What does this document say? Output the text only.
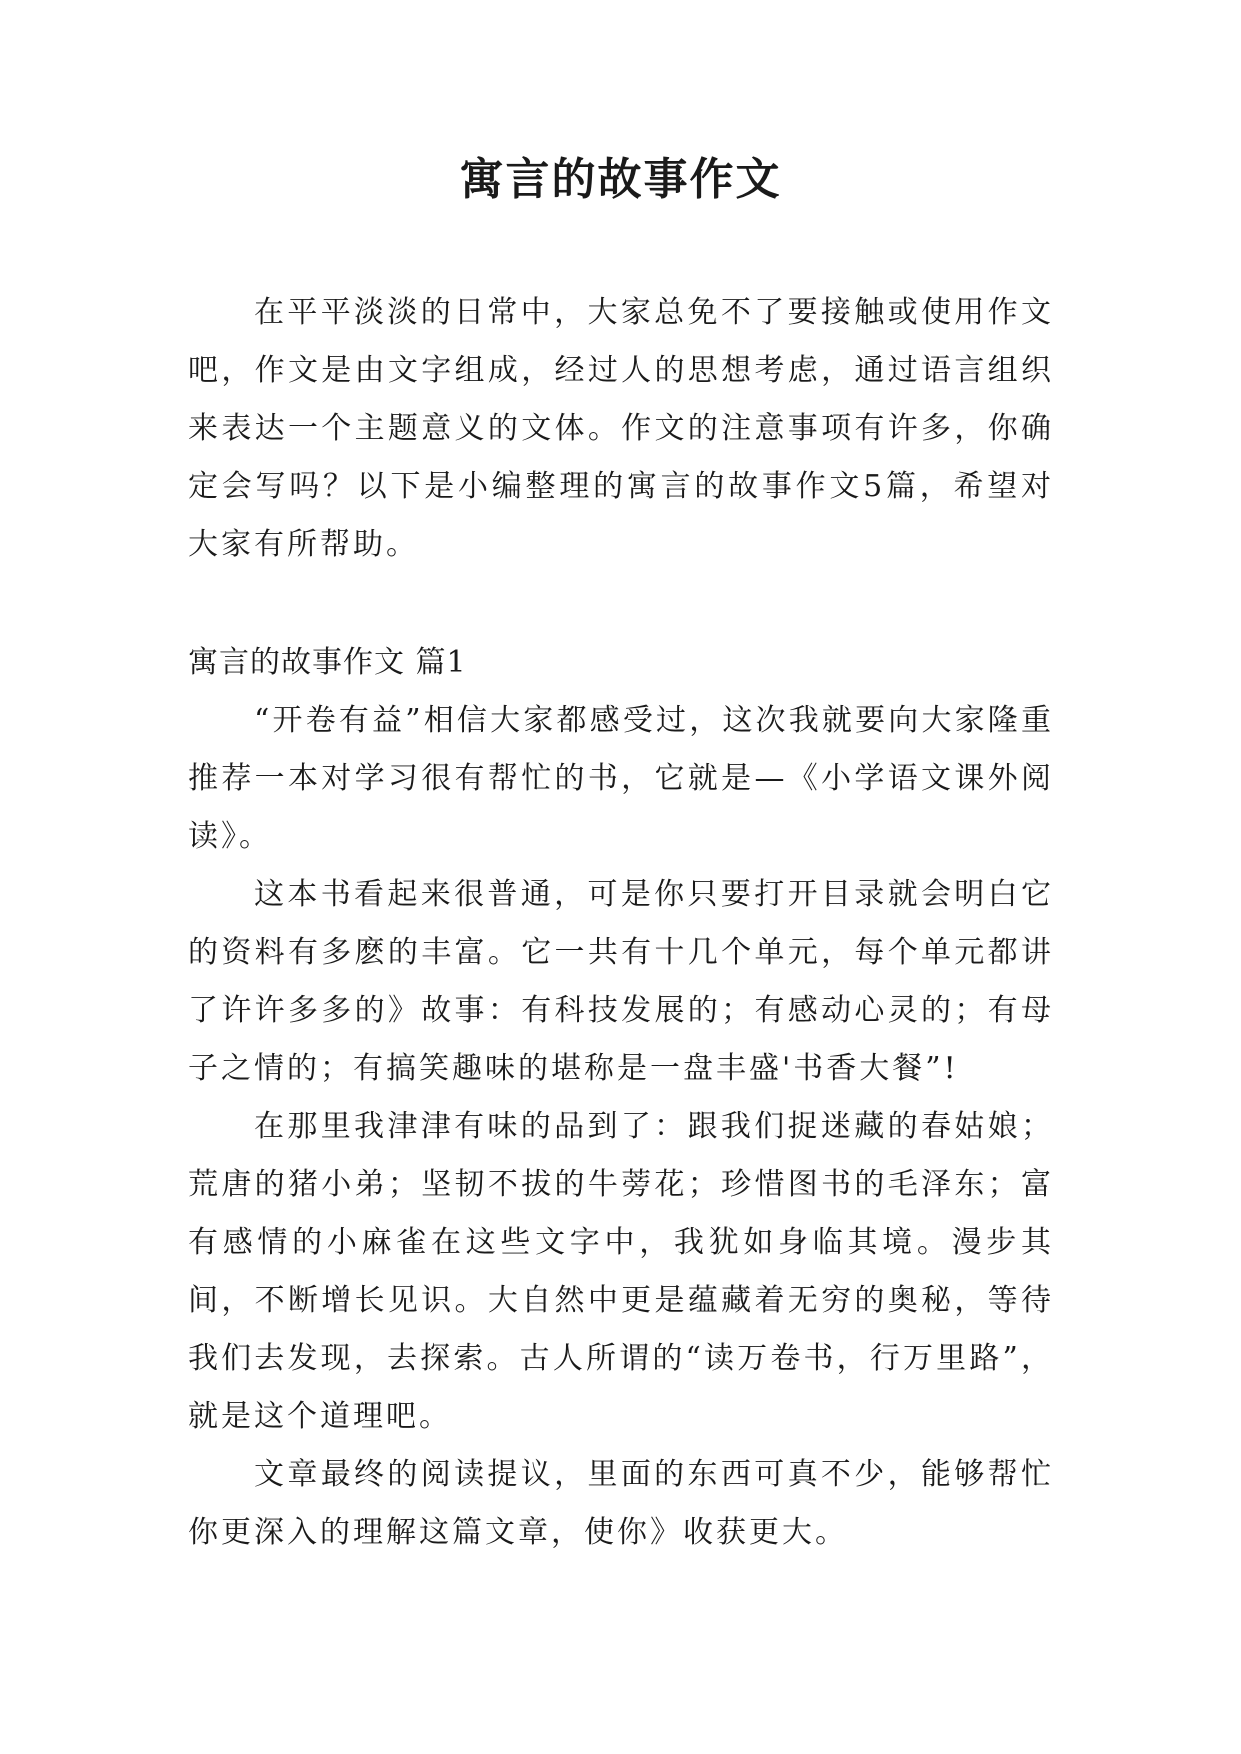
寓言的故事作文

在平平淡淡的日常中，大家总免不了要接触或使用作文吧，作文是由文字组成，经过人的思想考虑，通过语言组织来表达一个主题意义的文体。作文的注意事项有许多，你确定会写吗？以下是小编整理的寓言的故事作文5篇，希望对大家有所帮助。

寓言的故事作文 篇1

“开卷有益”相信大家都感受过，这次我就要向大家隆重推荐一本对学习很有帮忙的书，它就是—《小学语文课外阅读》。

这本书看起来很普通，可是你只要打开目录就会明白它的资料有多麽的丰富。它一共有十几个单元，每个单元都讲了许许多多的》故事：有科技发展的；有感动心灵的；有母子之情的；有搞笑趣味的堪称是一盘丰盛'书香大餐”!

在那里我津津有味的品到了：跟我们捉迷藏的春姑娘；荒唐的猪小弟；坚韧不拔的牛蒡花；珍惜图书的毛泽东；富有感情的小麻雀在这些文字中，我犹如身临其境。漫步其间，不断增长见识。大自然中更是蕴藏着无穷的奥秘，等待我们去发现，去探索。古人所谓的“读万卷书，行万里路”，就是这个道理吧。

文章最终的阅读提议，里面的东西可真不少，能够帮忙你更深入的理解这篇文章，使你》收获更大。
